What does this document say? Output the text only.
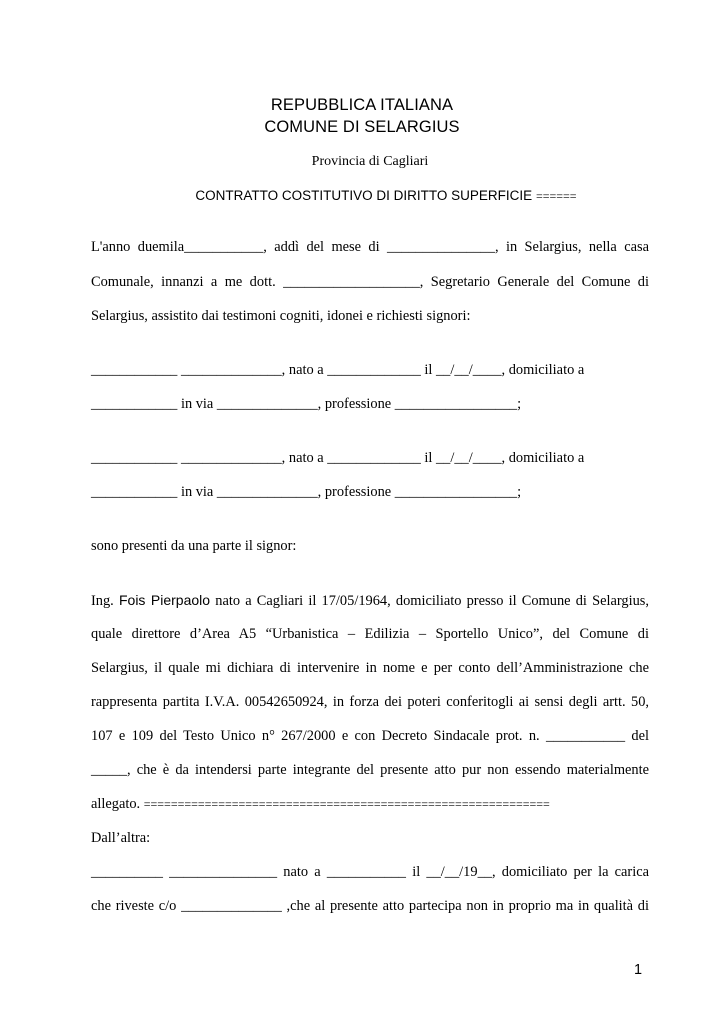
REPUBBLICA ITALIANA
COMUNE DI SELARGIUS
Provincia di Cagliari
CONTRATTO COSTITUTIVO DI DIRITTO SUPERFICIE ======
L'anno duemila___________, addì del mese di _______________, in Selargius, nella casa
Comunale, innanzi a me dott. ___________________, Segretario Generale del Comune di
Selargius, assistito dai testimoni cogniti, idonei e richiesti signori:
____________ ______________, nato a _____________ il __/__/____, domiciliato a
____________ in via ______________, professione _________________;
____________ ______________, nato a _____________ il __/__/____, domiciliato a
____________ in via ______________, professione _________________;
sono presenti da una parte il signor:
Ing. Fois Pierpaolo nato a Cagliari il 17/05/1964, domiciliato presso il Comune di Selargius,
quale direttore d’Area A5 “Urbanistica – Edilizia – Sportello Unico”, del Comune di
Selargius, il quale mi dichiara di intervenire in nome e per conto dell’Amministrazione che
rappresenta partita I.V.A. 00542650924, in forza dei poteri conferitogli ai sensi degli artt. 50,
107 e 109 del Testo Unico n° 267/2000 e con Decreto Sindacale prot. n. ___________ del
_____, che è da intendersi parte integrante del presente atto pur non essendo materialmente
allegato. ============================================================
Dall’altra:
__________ _______________ nato a ___________ il __/__/19__, domiciliato per la carica
che riveste c/o ______________ ,che al presente atto partecipa non in proprio ma in qualità di
1
